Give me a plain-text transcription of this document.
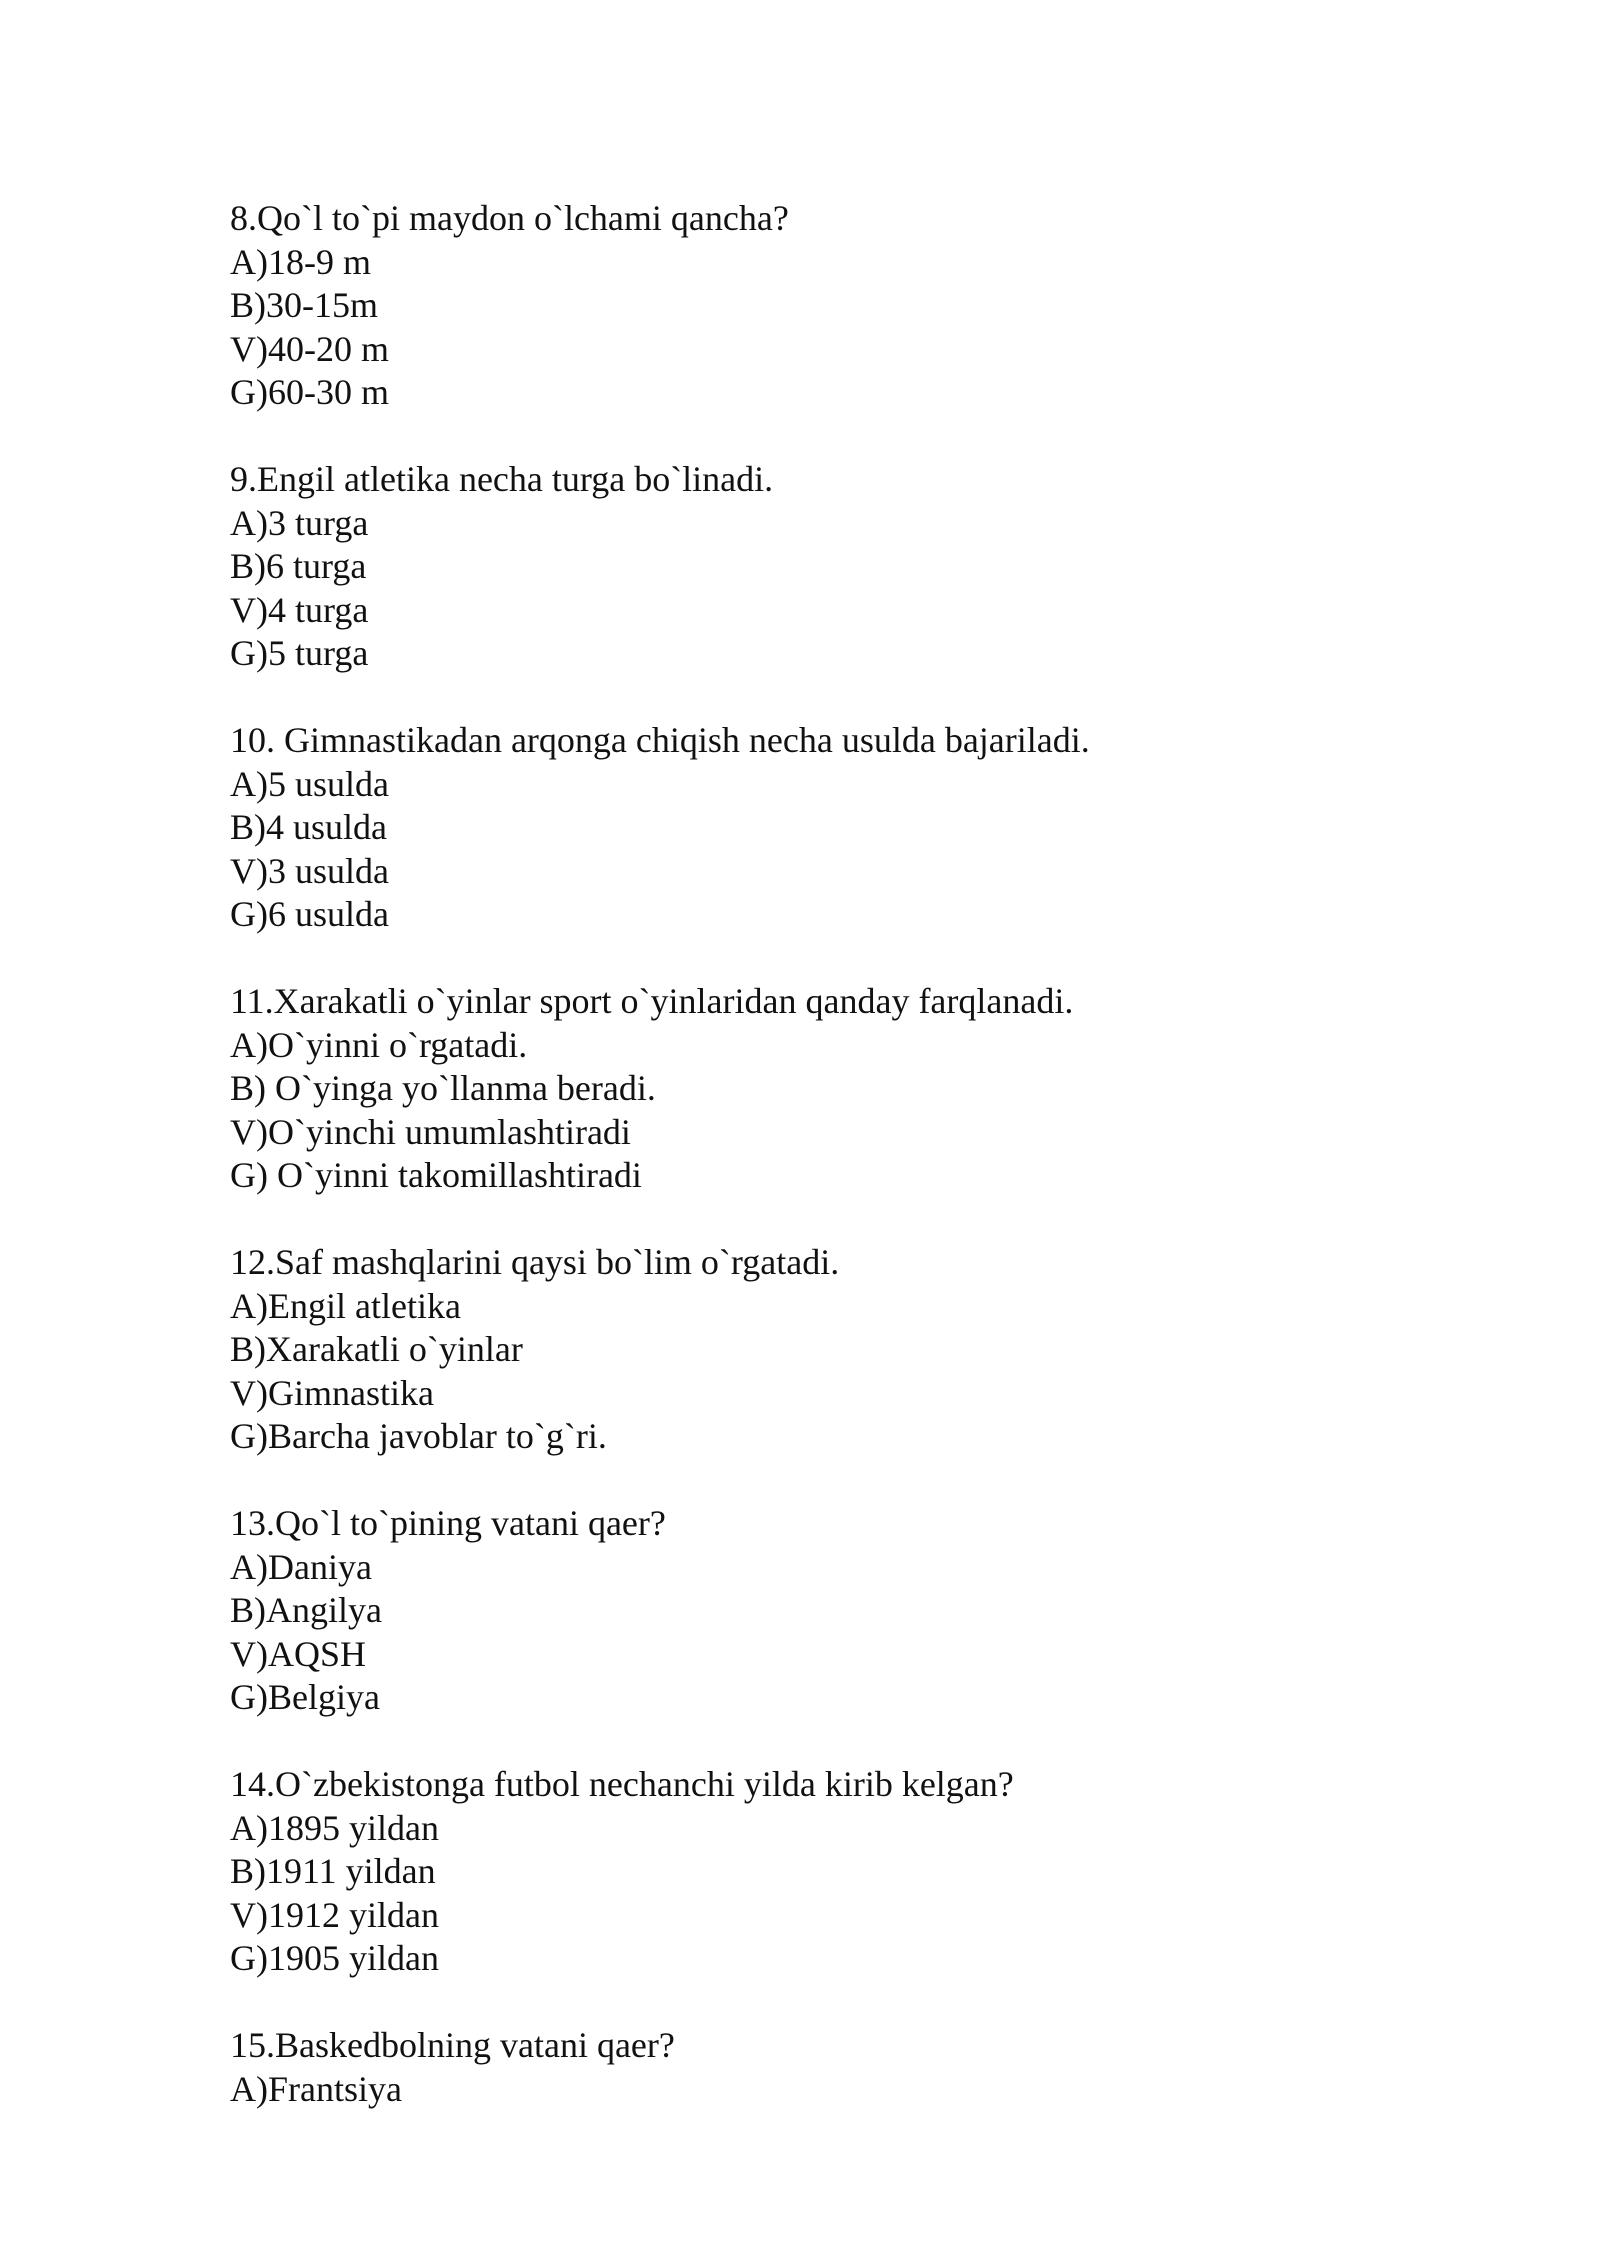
8.Qo`l to`pi maydon o`lchami qancha?
A)18-9 m
B)30-15m
V)40-20 m
G)60-30 m
9.Engil atletika necha turga bo`linadi.
A)3 turga
B)6 turga
V)4 turga
G)5 turga
10. Gimnastikadan arqonga chiqish necha usulda bajariladi.
A)5 usulda
B)4 usulda
V)3 usulda
G)6 usulda
11.Xarakatli o`yinlar sport o`yinlaridan qanday farqlanadi.
A)O`yinni o`rgatadi.
B) O`yinga yo`llanma beradi.
V)O`yinchi umumlashtiradi
G) O`yinni takomillashtiradi
12.Saf mashqlarini qaysi bo`lim o`rgatadi.
A)Engil atletika
B)Xarakatli o`yinlar
V)Gimnastika
G)Barcha javoblar to`g`ri.
13.Qo`l to`pining vatani qaer?
A)Daniya
B)Angilya
V)AQSH
G)Belgiya
14.O`zbekistonga futbol nechanchi yilda kirib kelgan?
A)1895 yildan
B)1911 yildan
V)1912 yildan
G)1905 yildan
15.Baskedbolning vatani qaer?
A)Frantsiya
